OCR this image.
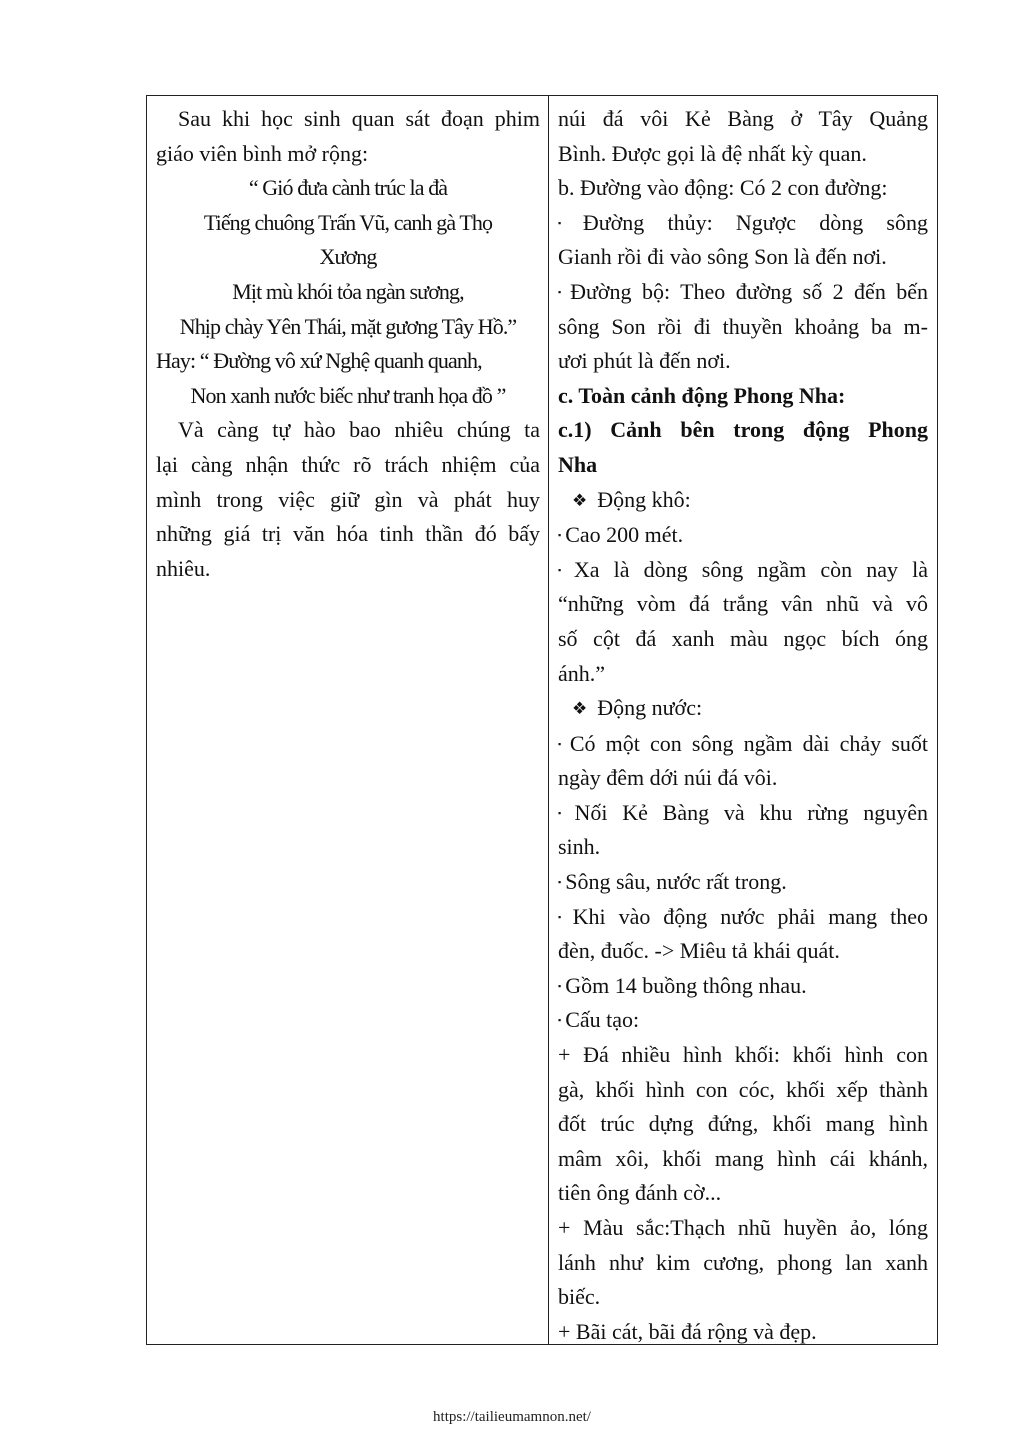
Sau khi học sinh quan sát đoạn phim

giáo viên bình mở rộng:

“ Gió đưa cành trúc la đà

Tiếng chuông Trấn Vũ, canh gà Thọ

Xương

Mịt mù khói tỏa ngàn sương,

Nhịp chày Yên Thái, mặt gương Tây Hồ.”

Hay: “ Đường vô xứ Nghệ quanh quanh,

Non xanh nước biếc như tranh họa đồ ”

Và càng tự hào bao nhiêu chúng ta

lại càng nhận thức rõ trách nhiệm của

mình trong việc giữ gìn và phát huy

những giá trị văn hóa tinh thần đó bấy

nhiêu.

núi đá vôi Kẻ Bàng ở Tây Quảng

Bình. Được gọi là đệ nhất kỳ quan.

b. Đường vào động: Có 2 con đường:

▪ Đường thủy: Ngược dòng sông

Gianh rồi đi vào sông Son là đến nơi.

▪ Đường bộ: Theo đường số 2 đến bến

sông Son rồi đi thuyền khoảng ba m-

ươi phút là đến nơi.

c. Toàn cảnh động Phong Nha:

c.1) Cảnh bên trong động Phong

Nha

❖ Động khô:

▪ Cao 200 mét.

▪ Xa là dòng sông ngầm còn nay là

“những vòm đá trắng vân nhũ và vô

số cột đá xanh màu ngọc bích óng

ánh.”

❖ Động nước:

▪ Có một con sông ngầm dài chảy suốt

ngày đêm dới núi đá vôi.

▪ Nối Kẻ Bàng và khu rừng nguyên

sinh.

▪ Sông sâu, nước rất trong.

▪ Khi vào động nước phải mang theo

đèn, đuốc. -> Miêu tả khái quát.

▪ Gồm 14 buồng thông nhau.

▪ Cấu tạo:

+ Đá nhiều hình khối: khối hình con

gà, khối hình con cóc, khối xếp thành

đốt trúc dựng đứng, khối mang hình

mâm xôi, khối mang hình cái khánh,

tiên ông đánh cờ...

+ Màu sắc:Thạch nhũ huyền ảo, lóng

lánh như kim cương, phong lan xanh

biếc.

+ Bãi cát, bãi đá rộng và đẹp.

https://tailieumamnon.net/
